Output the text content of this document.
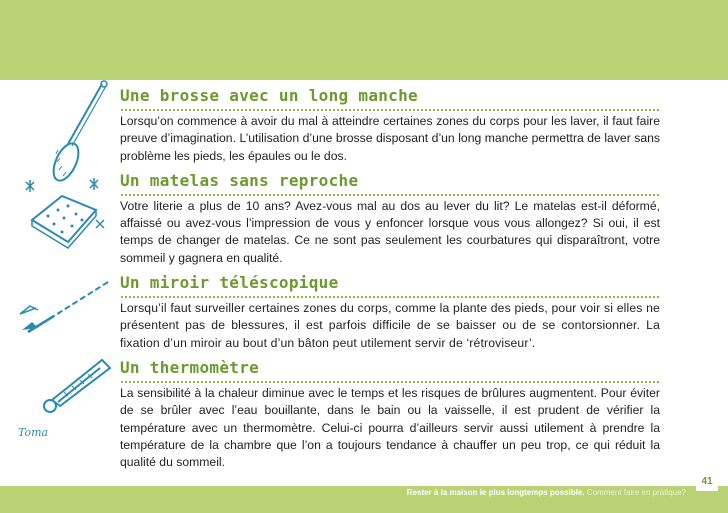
Toma
Une brosse avec un long manche

Lorsqu’on commence à avoir du mal à atteindre certaines zones du corps pour les laver, il faut faire preuve d’imagination. L’utilisation d’une brosse disposant d’un long manche permettra de laver sans problème les pieds, les épaules ou le dos.

Un matelas sans reproche

Votre literie a plus de 10 ans? Avez-vous mal au dos au lever du lit? Le matelas est-il déformé, affaissé ou avez-vous l’impression de vous y enfoncer lorsque vous vous allongez? Si oui, il est temps de changer de matelas. Ce ne sont pas seulement les courbatures qui disparaîtront, votre sommeil y gagnera en qualité.

Un miroir téléscopique

Lorsqu’il faut surveiller certaines zones du corps, comme la plante des pieds, pour voir si elles ne présentent pas de blessures, il est parfois difficile de se baisser ou de se contorsionner. La fixation d’un miroir au bout d’un bâton peut utilement servir de ‘rétroviseur’.

Un thermomètre

La sensibilité à la chaleur diminue avec le temps et les risques de brûlures augmentent. Pour éviter de se brûler avec l’eau bouillante, dans le bain ou la vaisselle, il est prudent de vérifier la température avec un thermomètre. Celui-ci pourra d’ailleurs servir aussi utilement à prendre la température de la chambre que l’on a toujours tendance à chauffer un peu trop, ce qui réduit la qualité du sommeil.

Rester à la maison le plus longtemps possible. Comment faire en pratique?
41
